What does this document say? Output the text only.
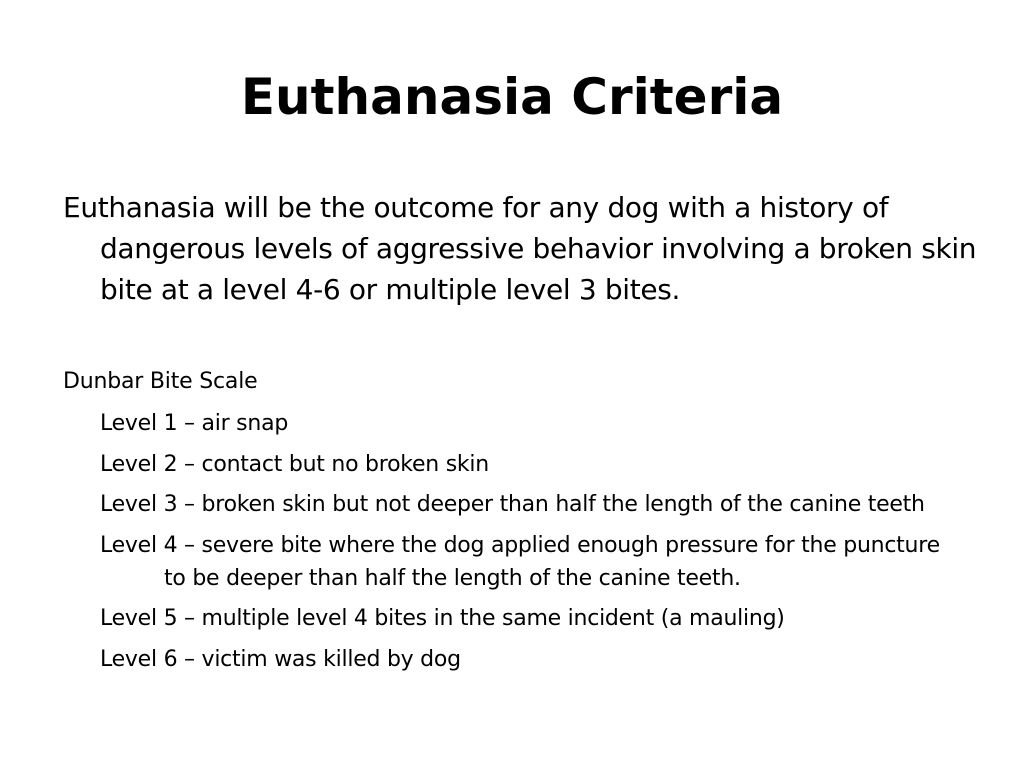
Euthanasia Criteria
Euthanasia will be the outcome for any dog with a history of dangerous levels of aggressive behavior involving a broken skin bite at a level 4-6 or multiple level 3 bites.
Dunbar Bite Scale
Level 1 – air snap
Level 2 – contact but no broken skin
Level 3 – broken skin but not deeper than half the length of the canine teeth
Level 4 – severe bite where the dog applied enough pressure for the puncture to be deeper than half the length of the canine teeth.
Level 5 – multiple level 4 bites in the same incident (a mauling)
Level 6 – victim was killed by dog
